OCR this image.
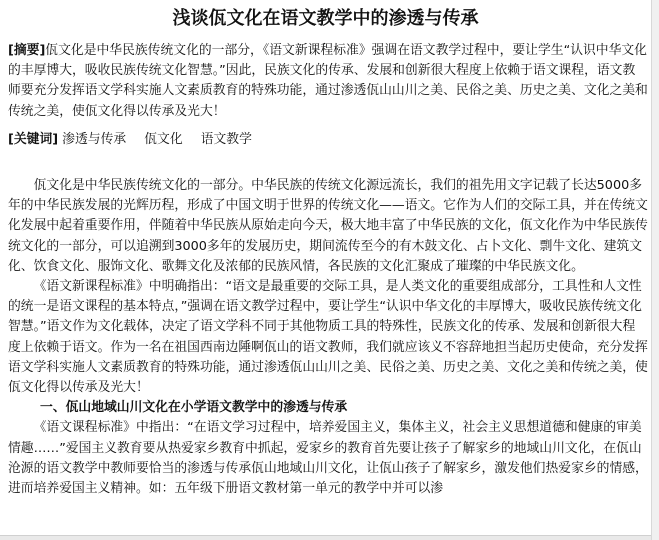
浅谈佤文化在语文教学中的渗透与传承

[摘要]佤文化是中华民族传统文化的一部分，《语文新课程标准》强调在语文教学过程中，要让学生“认识中华文化的丰厚博大，吸收民族传统文化智慧。”因此，民族文化的传承、发展和创新很大程度上依赖于语文课程，语文教师要充分发挥语文学科实施人文素质教育的特殊功能，通过渗透佤山山川之美、民俗之美、历史之美、文化之美和传统之美，使佤文化得以传承及光大！

[关键词] 渗透与传承 佤文化 语文教学

佤文化是中华民族传统文化的一部分。中华民族的传统文化源远流长，我们的祖先用文字记载了长达5000多年的中华民族发展的光辉历程，形成了中国文明于世界的传统文化——语文。它作为人们的交际工具，并在传统文化发展中起着重要作用，伴随着中华民族从原始走向今天，极大地丰富了中华民族的文化，佤文化作为中华民族传统文化的一部分，可以追溯到3000多年的发展历史，期间流传至今的有木鼓文化、占卜文化、剽牛文化、建筑文化、饮食文化、服饰文化、歌舞文化及浓郁的民族风情，各民族的文化汇聚成了璀璨的中华民族文化。

《语文新课程标准》中明确指出：“语文是最重要的交际工具，是人类文化的重要组成部分，工具性和人文性的统一是语文课程的基本特点，”强调在语文教学过程中，要让学生“认识中华文化的丰厚博大，吸收民族传统文化智慧。”语文作为文化载体，决定了语文学科不同于其他物质工具的特殊性，民族文化的传承、发展和创新很大程度上依赖于语文。作为一名在祖国西南边陲啊佤山的语文教师，我们就应该义不容辞地担当起历史使命，充分发挥语文学科实施人文素质教育的特殊功能，通过渗透佤山山川之美、民俗之美、历史之美、文化之美和传统之美，使佤文化得以传承及光大！

一、佤山地域山川文化在小学语文教学中的渗透与传承

《语文课程标准》中指出：“在语文学习过程中，培养爱国主义，集体主义，社会主义思想道德和健康的审美情趣……”爱国主义教育要从热爱家乡教育中抓起，爱家乡的教育首先要让孩子了解家乡的地域山川文化，在佤山沧源的语文教学中教师要恰当的渗透与传承佤山地域山川文化，让佤山孩子了解家乡，激发他们热爱家乡的情感，进而培养爱国主义精神。如：五年级下册语文教材第一单元的教学中并可以渗
